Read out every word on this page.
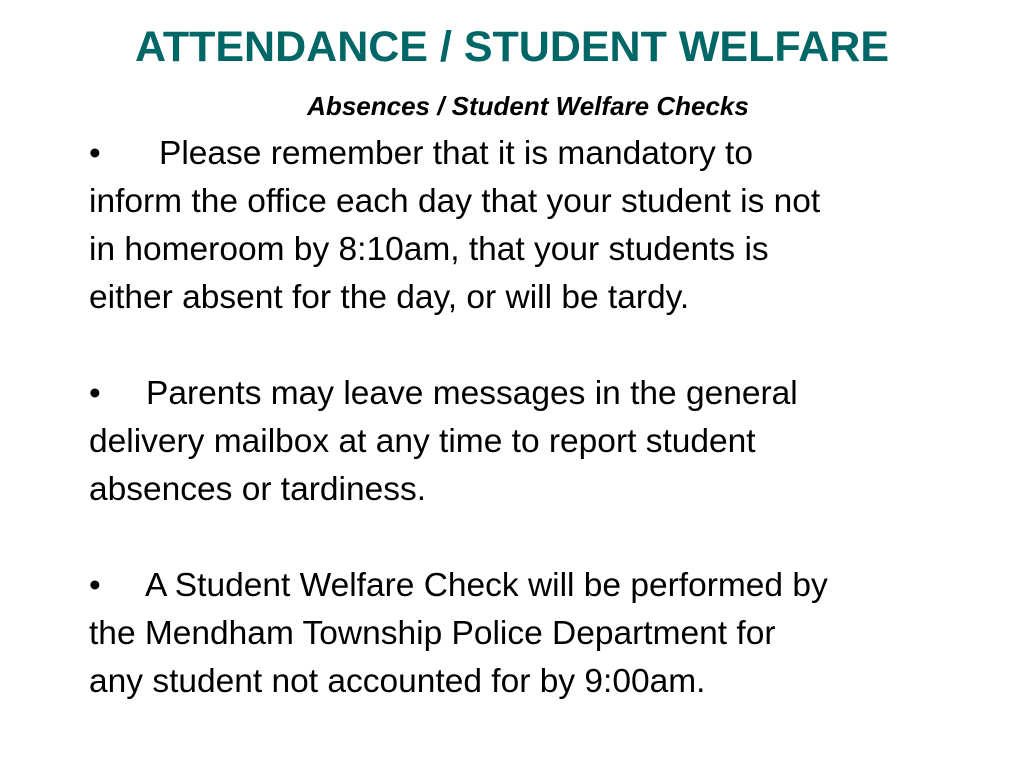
ATTENDANCE / STUDENT WELFARE
Absences / Student Welfare Checks
• Please remember that it is mandatory to
inform the office each day that your student is not
in homeroom by 8:10am, that your students is
either absent for the day, or will be tardy.
• Parents may leave messages in the general
delivery mailbox at any time to report student
absences or tardiness.
• A Student Welfare Check will be performed by
the Mendham Township Police Department for
any student not accounted for by 9:00am.
